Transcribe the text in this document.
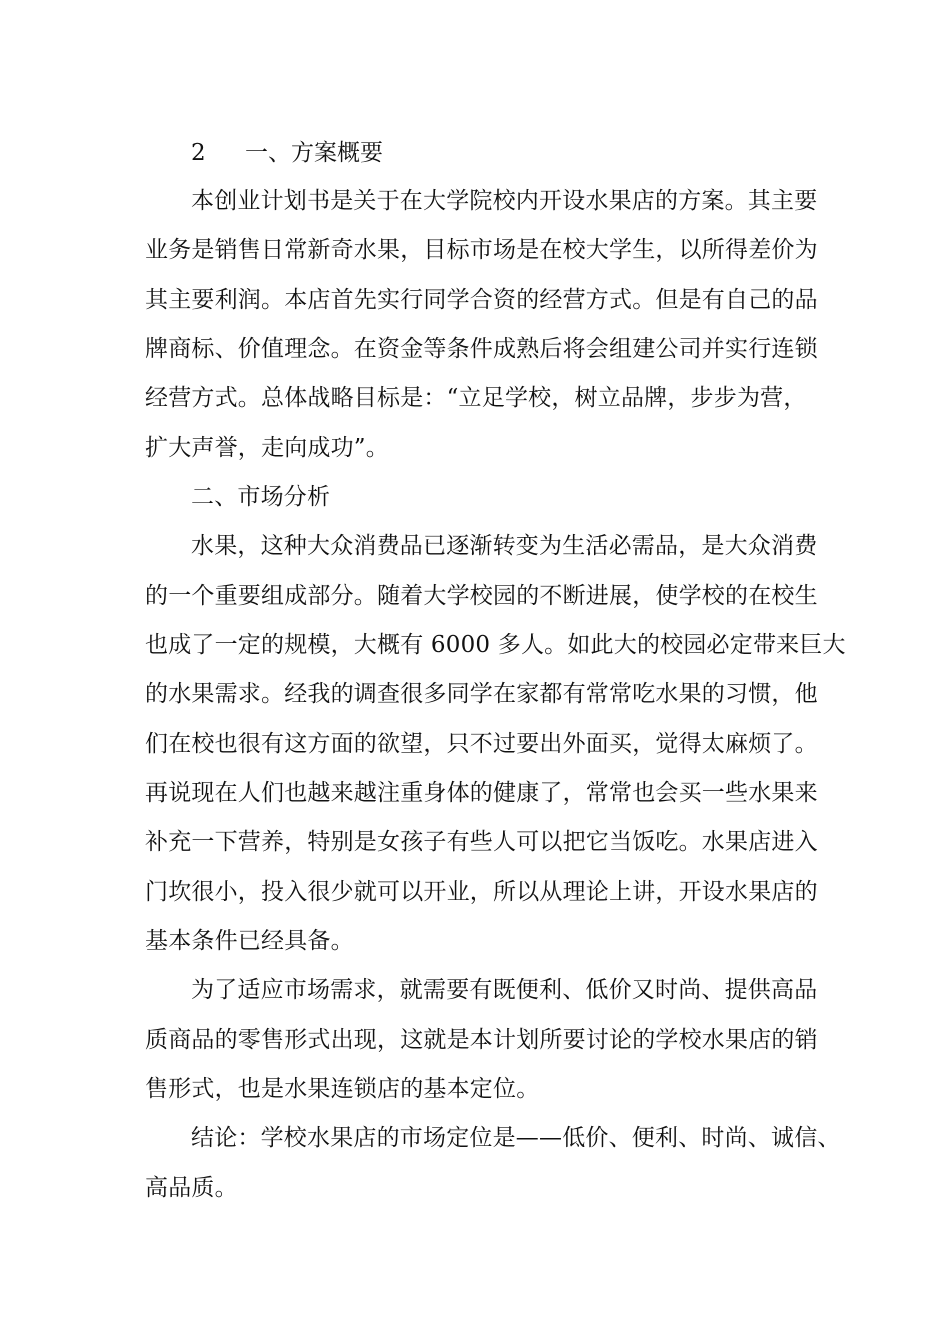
2 一、方案概要
本创业计划书是关于在大学院校内开设水果店的方案。其主要
业务是销售日常新奇水果，目标市场是在校大学生，以所得差价为
其主要利润。本店首先实行同学合资的经营方式。但是有自己的品
牌商标、价值理念。在资金等条件成熟后将会组建公司并实行连锁
经营方式。总体战略目标是：“立足学校，树立品牌，步步为营，
扩大声誉，走向成功”。
二、市场分析
水果，这种大众消费品已逐渐转变为生活必需品，是大众消费
的一个重要组成部分。随着大学校园的不断进展，使学校的在校生
也成了一定的规模，大概有 6000 多人。如此大的校园必定带来巨大
的水果需求。经我的调查很多同学在家都有常常吃水果的习惯，他
们在校也很有这方面的欲望，只不过要出外面买，觉得太麻烦了。
再说现在人们也越来越注重身体的健康了，常常也会买一些水果来
补充一下营养，特别是女孩子有些人可以把它当饭吃。水果店进入
门坎很小，投入很少就可以开业，所以从理论上讲，开设水果店的
基本条件已经具备。
为了适应市场需求，就需要有既便利、低价又时尚、提供高品
质商品的零售形式出现，这就是本计划所要讨论的学校水果店的销
售形式，也是水果连锁店的基本定位。
结论：学校水果店的市场定位是——低价、便利、时尚、诚信、
高品质。
